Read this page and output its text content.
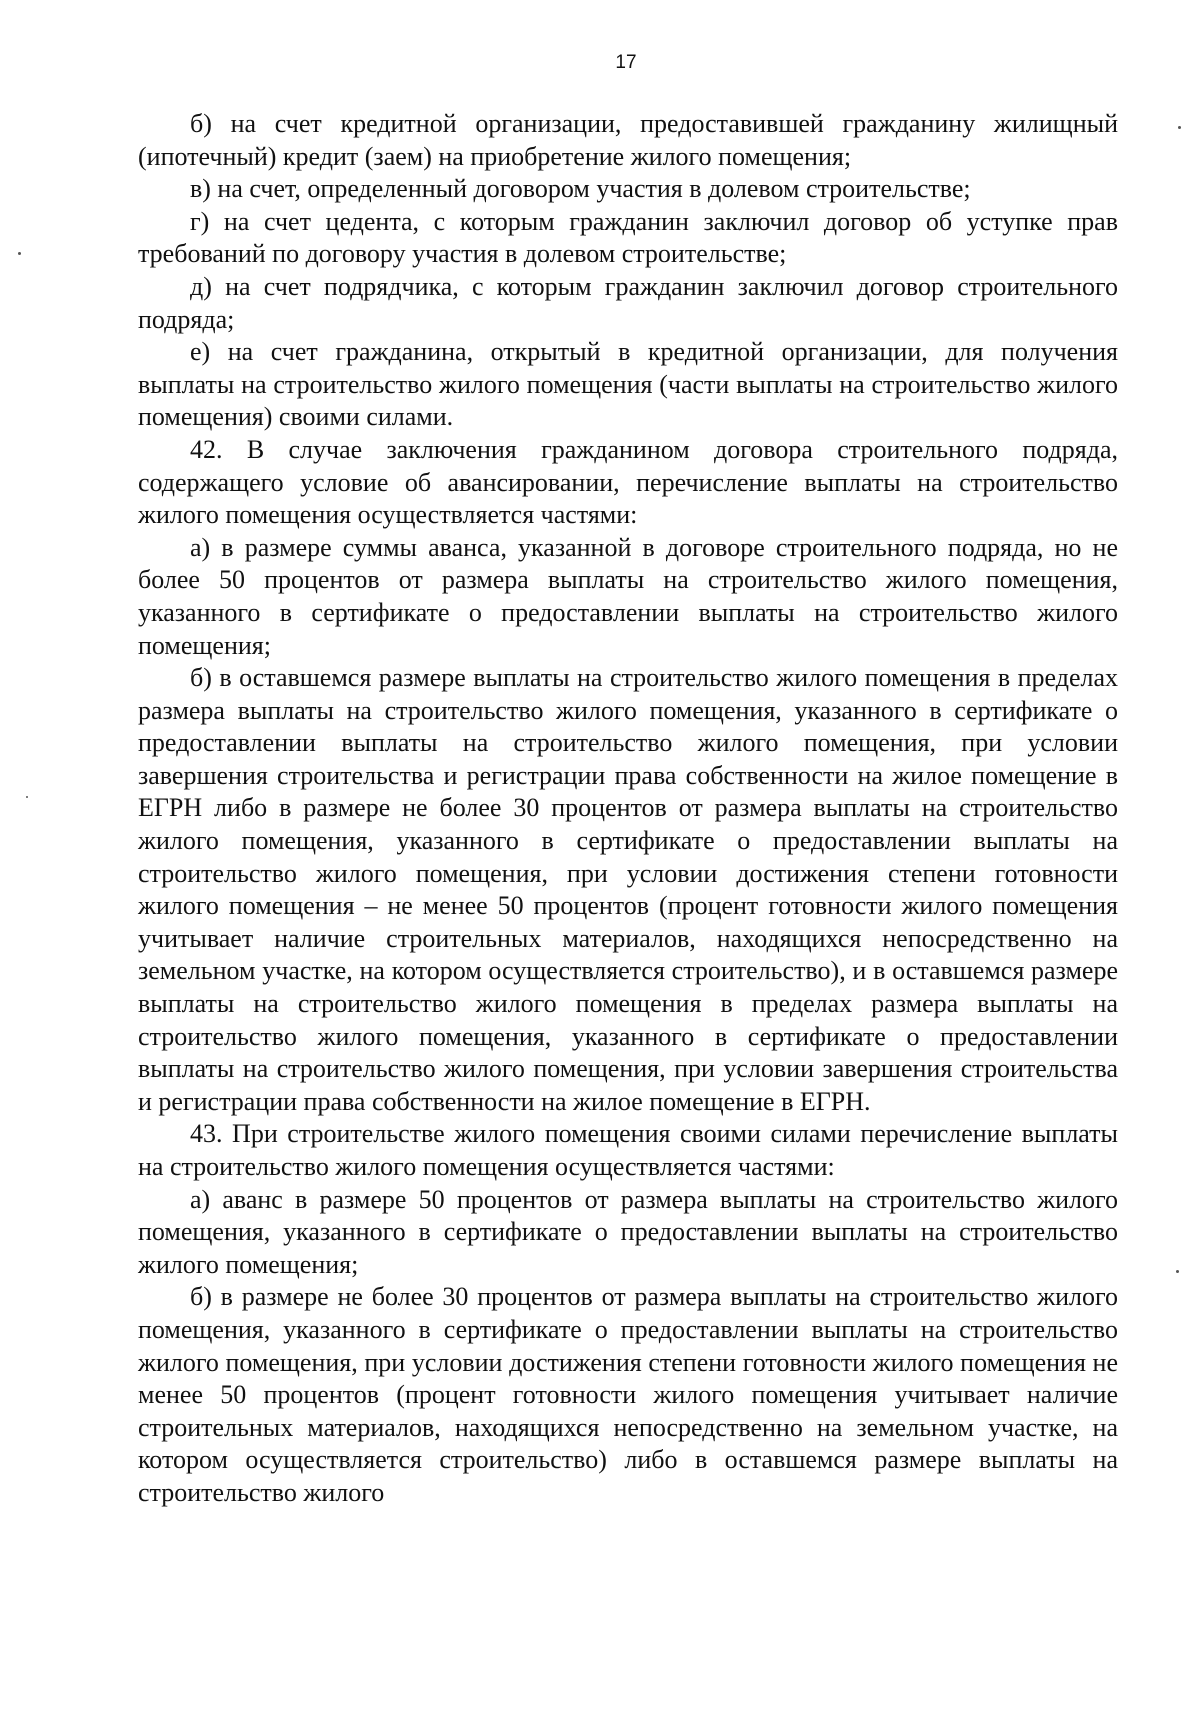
17

б) на счет кредитной организации, предоставившей гражданину жилищный (ипотечный) кредит (заем) на приобретение жилого помещения;

в) на счет, определенный договором участия в долевом строительстве;

г) на счет цедента, с которым гражданин заключил договор об уступке прав требований по договору участия в долевом строительстве;

д) на счет подрядчика, с которым гражданин заключил договор строительного подряда;

е) на счет гражданина, открытый в кредитной организации, для получения выплаты на строительство жилого помещения (части выплаты на строительство жилого помещения) своими силами.

42. В случае заключения гражданином договора строительного подряда, содержащего условие об авансировании, перечисление выплаты на строительство жилого помещения осуществляется частями:

а) в размере суммы аванса, указанной в договоре строительного подряда, но не более 50 процентов от размера выплаты на строительство жилого помещения, указанного в сертификате о предоставлении выплаты на строительство жилого помещения;

б) в оставшемся размере выплаты на строительство жилого помещения в пределах размера выплаты на строительство жилого помещения, указанного в сертификате о предоставлении выплаты на строительство жилого помещения, при условии завершения строительства и регистрации права собственности на жилое помещение в ЕГРН либо в размере не более 30 процентов от размера выплаты на строительство жилого помещения, указанного в сертификате о предоставлении выплаты на строительство жилого помещения, при условии достижения степени готовности жилого помещения – не менее 50 процентов (процент готовности жилого помещения учитывает наличие строительных материалов, находящихся непосредственно на земельном участке, на котором осуществляется строительство), и в оставшемся размере выплаты на строительство жилого помещения в пределах размера выплаты на строительство жилого помещения, указанного в сертификате о предоставлении выплаты на строительство жилого помещения, при условии завершения строительства и регистрации права собственности на жилое помещение в ЕГРН.

43. При строительстве жилого помещения своими силами перечисление выплаты на строительство жилого помещения осуществляется частями:

а) аванс в размере 50 процентов от размера выплаты на строительство жилого помещения, указанного в сертификате о предоставлении выплаты на строительство жилого помещения;

б) в размере не более 30 процентов от размера выплаты на строительство жилого помещения, указанного в сертификате о предоставлении выплаты на строительство жилого помещения, при условии достижения степени готовности жилого помещения не менее 50 процентов (процент готовности жилого помещения учитывает наличие строительных материалов, находящихся непосредственно на земельном участке, на котором осуществляется строительство) либо в оставшемся размере выплаты на строительство жилого
